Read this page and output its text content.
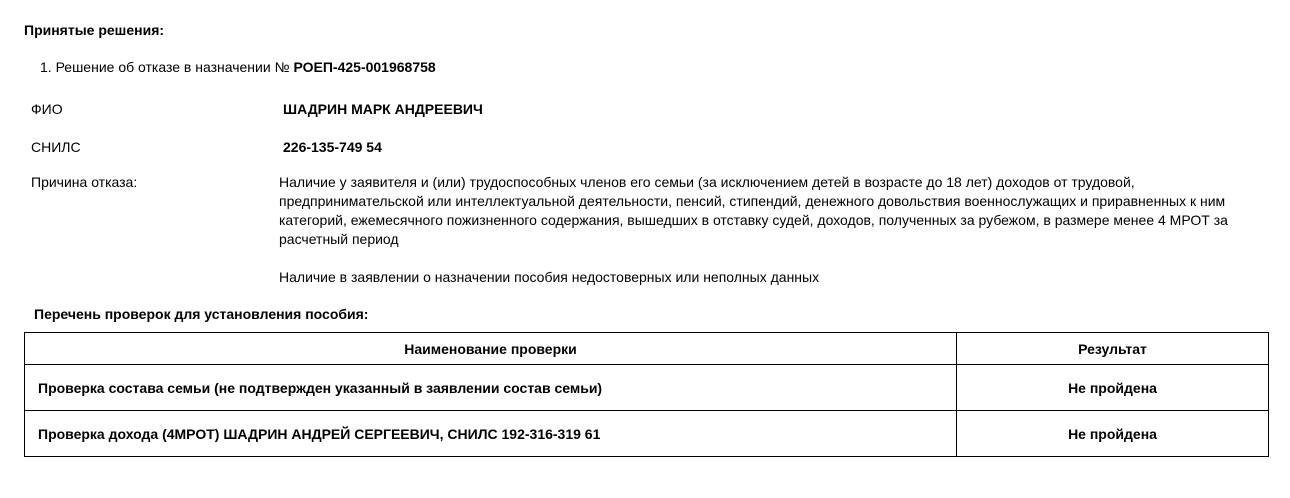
Принятые решения:
1. Решение об отказе в назначении № РОЕП-425-001968758
ФИО	ШАДРИН МАРК АНДРЕЕВИЧ
СНИЛС	226-135-749 54
Причина отказа:	Наличие у заявителя и (или) трудоспособных членов его семьи (за исключением детей в возрасте до 18 лет) доходов от трудовой, предпринимательской или интеллектуальной деятельности, пенсий, стипендий, денежного довольствия военнослужащих и приравненных к ним категорий, ежемесячного пожизненного содержания, вышедших в отставку судей, доходов, полученных за рубежом, в размере менее 4 МРОТ за расчетный период
Наличие в заявлении о назначении пособия недостоверных или неполных данных
Перечень проверок для установления пособия:
Наименование проверки	Результат
Проверка состава семьи (не подтвержден указанный в заявлении состав семьи)	Не пройдена
Проверка дохода (4МРОТ) ШАДРИН АНДРЕЙ СЕРГЕЕВИЧ, СНИЛС 192-316-319 61	Не пройдена
